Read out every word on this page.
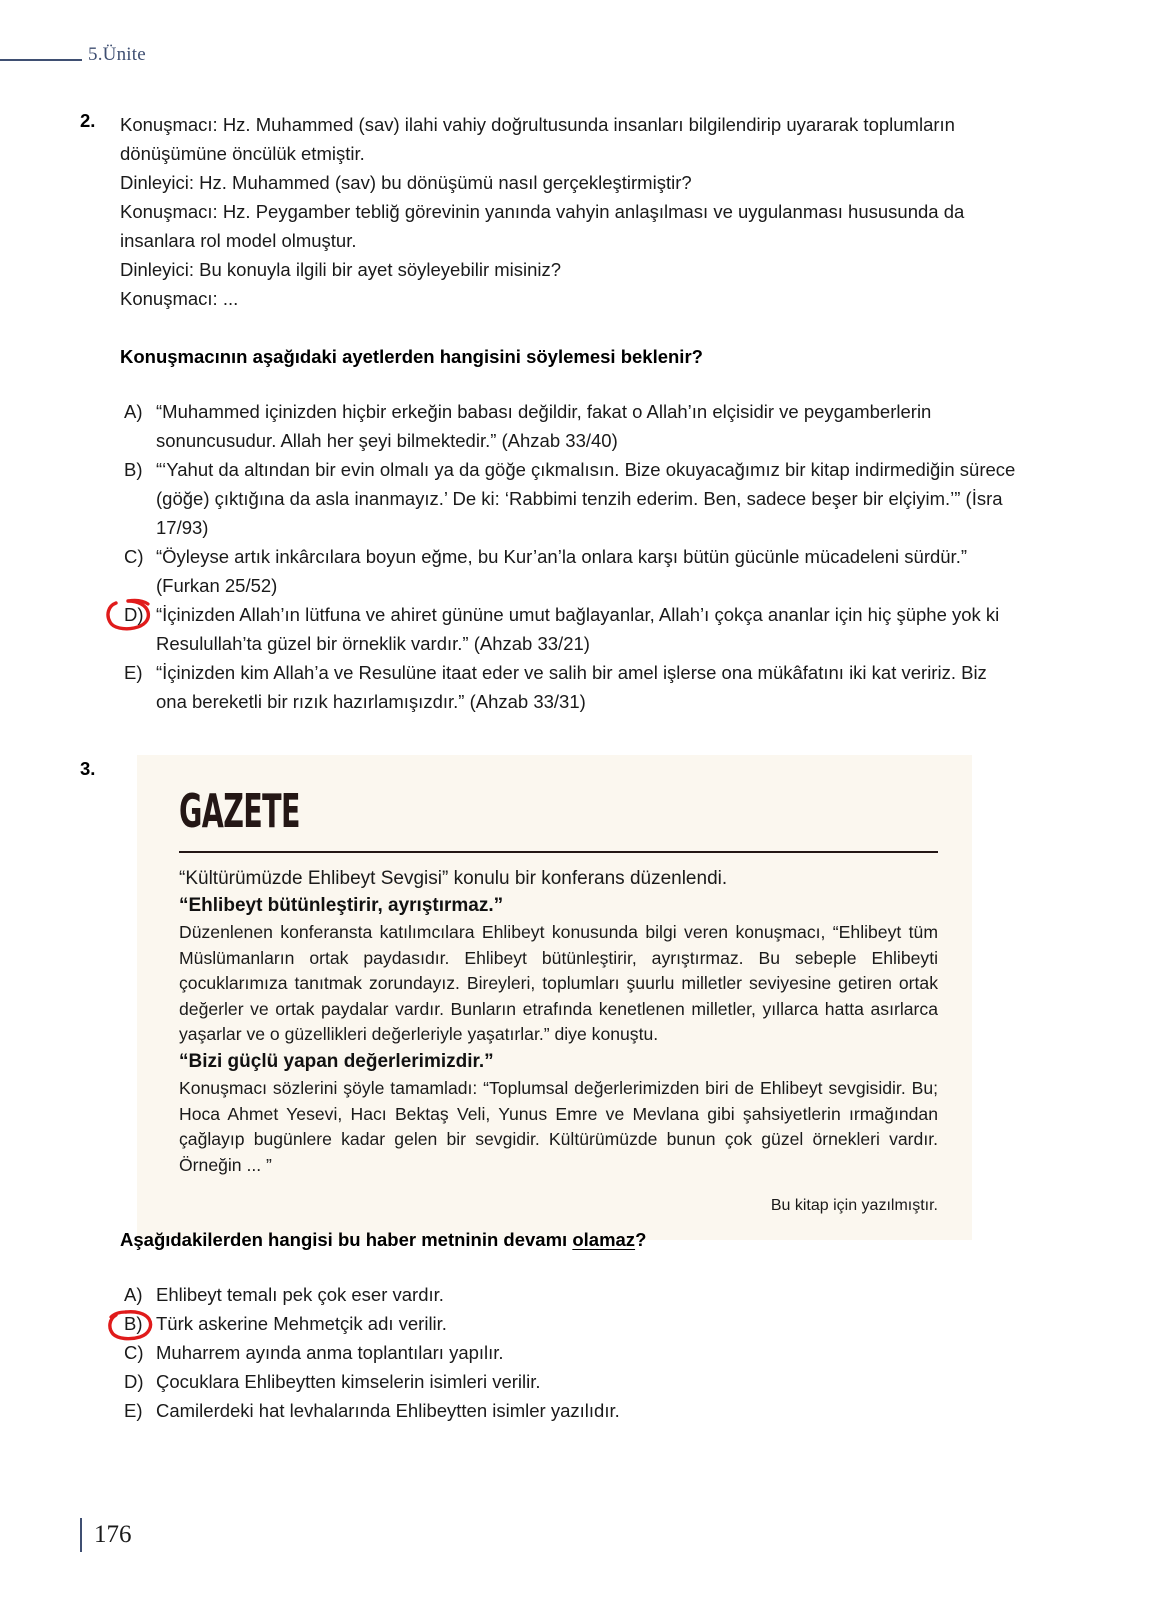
5.Ünite
2. Konuşmacı: Hz. Muhammed (sav) ilahi vahiy doğrultusunda insanları bilgilendirip uyararak toplumların dönüşümüne öncülük etmiştir.
Dinleyici: Hz. Muhammed (sav) bu dönüşümü nasıl gerçekleştirmiştir?
Konuşmacı: Hz. Peygamber tebliğ görevinin yanında vahyin anlaşılması ve uygulanması hususunda da insanlara rol model olmuştur.
Dinleyici: Bu konuyla ilgili bir ayet söyleyebilir misiniz?
Konuşmacı: ...
Konuşmacının aşağıdaki ayetlerden hangisini söylemesi beklenir?
A) “Muhammed içinizden hiçbir erkeğin babası değildir, fakat o Allah’ın elçisidir ve peygamberlerin sonuncusudur. Allah her şeyi bilmektedir.” (Ahzab 33/40)
B) “‘Yahut da altından bir evin olmalı ya da göğe çıkmalısın. Bize okuyacağımız bir kitap indirmediğin sürece (göğe) çıktığına da asla inanmayız.’ De ki: ‘Rabbimi tenzih ederim. Ben, sadece beşer bir elçiyim.’” (İsra 17/93)
C) “Öyleyse artık inkârcılara boyun eğme, bu Kur’an’la onlara karşı bütün gücünle mücadeleni sürdür.” (Furkan 25/52)
D) “İçinizden Allah’ın lütfuna ve ahiret gününe umut bağlayanlar, Allah’ı çokça ananlar için hiç şüphe yok ki Resulullah’ta güzel bir örneklik vardır.” (Ahzab 33/21)
E) “İçinizden kim Allah’a ve Resulüne itaat eder ve salih bir amel işlerse ona mükâfatını iki kat veririz. Biz ona bereketli bir rızık hazırlamışızdır.” (Ahzab 33/31)
3.
GAZETE
“Kültürümüzde Ehlibeyt Sevgisi” konulu bir konferans düzenlendi.
“Ehlibeyt bütünleştirir, ayrıştırmaz.”
Düzenlenen konferansta katılımcılara Ehlibeyt konusunda bilgi veren konuşmacı, “Ehlibeyt tüm Müslümanların ortak paydasıdır. Ehlibeyt bütünleştirir, ayrıştırmaz. Bu sebeple Ehlibeyti çocuklarımıza tanıtmak zorundayız. Bireyleri, toplumları şuurlu milletler seviyesine getiren ortak değerler ve ortak paydalar vardır. Bunların etrafında kenetlenen milletler, yıllarca hatta asırlarca yaşarlar ve o güzellikleri değerleriyle yaşatırlar.” diye konuştu.
“Bizi güçlü yapan değerlerimizdir.”
Konuşmacı sözlerini şöyle tamamladı: “Toplumsal değerlerimizden biri de Ehlibeyt sevgisidir. Bu; Hoca Ahmet Yesevi, Hacı Bektaş Veli, Yunus Emre ve Mevlana gibi şahsiyetlerin ırmağından çağlayıp bugünlere kadar gelen bir sevgidir. Kültürümüzde bunun çok güzel örnekleri vardır. Örneğin ... ”
Bu kitap için yazılmıştır.
Aşağıdakilerden hangisi bu haber metninin devamı olamaz?
A) Ehlibeyt temalı pek çok eser vardır.
B) Türk askerine Mehmetçik adı verilir.
C) Muharrem ayında anma toplantıları yapılır.
D) Çocuklara Ehlibeytten kimselerin isimleri verilir.
E) Camilerdeki hat levhalarında Ehlibeytten isimler yazılıdır.
176
